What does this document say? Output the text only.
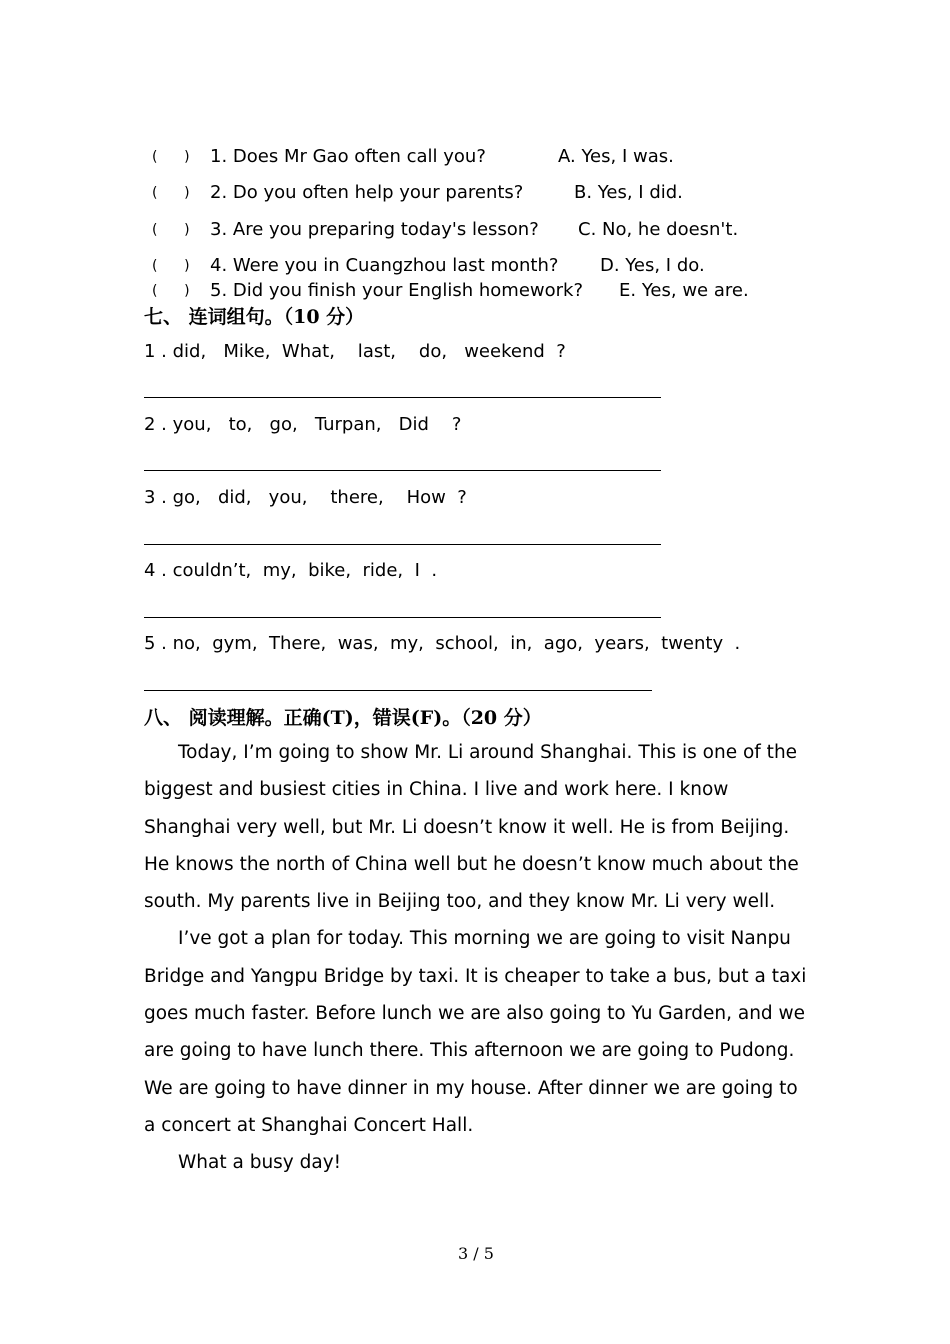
(      ) 1. Does Mr Gao often call you?	A. Yes, I was.
(      ) 2. Do you often help your parents?	B. Yes, I did.
(      ) 3. Are you preparing today's lesson? C. No, he doesn't.
(      ) 4. Were you in Cuangzhou last month? D. Yes, I do.
(      ) 5. Did you finish your English homework? E. Yes, we are.
七、 连词组句。（10 分）
1 . did,   Mike,  What,    last,    do,   weekend  ?
2 . you,   to,   go,   Turpan,   Did    ?
3 . go,   did,   you,    there,    How  ?
4 . couldn’t,  my,  bike,  ride,  I  .
5 . no,  gym,  There,  was,  my,  school,  in,  ago,  years,  twenty  .
八、 阅读理解。正确(T)，错误(F)。（20 分）

Today, I’m going to show Mr. Li around Shanghai. This is one of the biggest and busiest cities in China. I live and work here. I know Shanghai very well, but Mr. Li doesn’t know it well. He is from Beijing. He knows the north of China well but he doesn’t know much about the south. My parents live in Beijing too, and they know Mr. Li very well.

I’ve got a plan for today. This morning we are going to visit Nanpu Bridge and Yangpu Bridge by taxi. It is cheaper to take a bus, but a taxi goes much faster. Before lunch we are also going to Yu Garden, and we are going to have lunch there. This afternoon we are going to Pudong. We are going to have dinner in my house. After dinner we are going to a concert at Shanghai Concert Hall.

What a busy day!

3 / 5
